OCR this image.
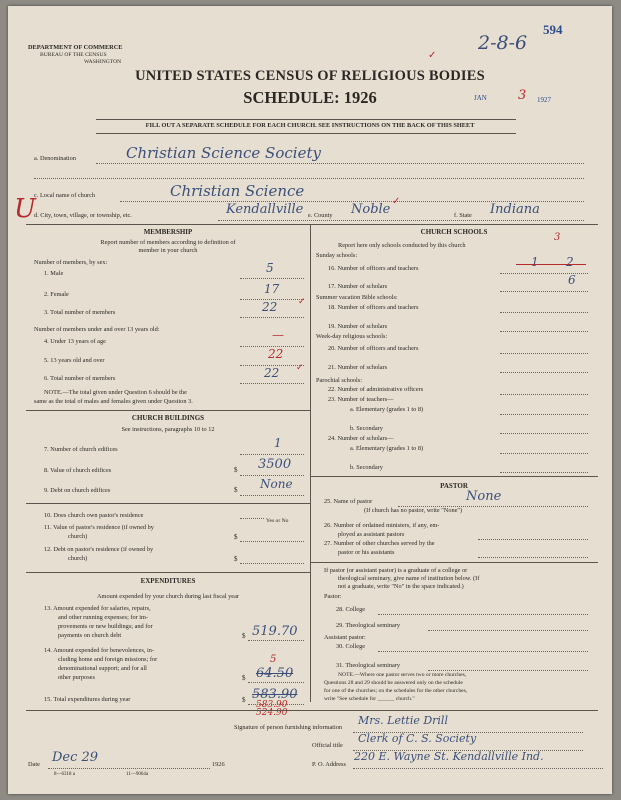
DEPARTMENT OF COMMERCE
BUREAU OF THE CENSUS
WASHINGTON
UNITED STATES CENSUS OF RELIGIOUS BODIES
SCHEDULE: 1926
594
2-8-6
JAN 3 1927
✓
FILL OUT A SEPARATE SCHEDULE FOR EACH CHURCH. SEE INSTRUCTIONS ON THE BACK OF THIS SHEET
a. Denomination	Christian Science Society
c. Local name of church	Christian Science
U
d. City, town, village, or township, etc.	Kendallville e. County Noble
✓
f. State Indiana
MEMBERSHIP
Report number of members according to definition of
member in your church
Number of members, by sex:
1. Male	5
2. Female	17
3. Total number of members	22 ✓
Number of members under and over 13 years old:
4. Under 13 years of age	—
5. 13 years old and over	22
6. Total number of members	22 ✓
NOTE.—The total given under Question 6 should be the
same as the total of males and females given under Question 3.
CHURCH BUILDINGS
See instructions, paragraphs 10 to 12
7. Number of church edifices	1
8. Value of church edifices	$ 3500
9. Debt on church edifices	$ None
10. Does church own pastor's residence
Yes or No
11. Value of pastor's residence (if owned by
church)	$
12. Debt on pastor's residence (if owned by
church)	$
EXPENDITURES
Amount expended by your church during last fiscal year
13. Amount expended for salaries, repairs,
and other running expenses; for im-
provements or new buildings; and for
payments on church debt	$ 519.70
14. Amount expended for benevolences, in-
cluding home and foreign missions; for
denominational support; and for all
other purposes	$
5
64.50
15. Total expenditures during year	$ 583.90
583.90
524.90
CHURCH SCHOOLS
Report here only schools conducted by this church
3
Sunday schools:
16. Number of officers and teachers	1 2
17. Number of scholars	6
Summer vacation Bible schools:
18. Number of officers and teachers
19. Number of scholars
Week-day religious schools:
20. Number of officers and teachers
21. Number of scholars
Parochial schools:
22. Number of administrative officers
23. Number of teachers—
a. Elementary (grades 1 to 8)
b. Secondary
24. Number of scholars—
a. Elementary (grades 1 to 8)
b. Secondary
PASTOR
25. Name of pastor	None
(If church has no pastor, write "None")
26. Number of ordained ministers, if any, em-
ployed as assistant pastors
27. Number of other churches served by the
pastor or his assistants
If pastor (or assistant pastor) is a graduate of a college or
theological seminary, give name of institution below. (If
not a graduate, write "No" in the space indicated.)
Pastor:
28. College
29. Theological seminary
Assistant pastor:
30. College
31. Theological seminary
NOTE.—Where one pastor serves two or more churches,
Questions 28 and 29 should be answered only on the schedule
for one of the churches; on the schedules for the other churches,
write "See schedule for ______ church."
Signature of person furnishing information
Mrs. Lettie Drill
Official title
Clerk of C. S. Society
Date Dec 29	1926	P. O. Address
220 E. Wayne St. Kendallville Ind.
8—6318 a	11—9064a
